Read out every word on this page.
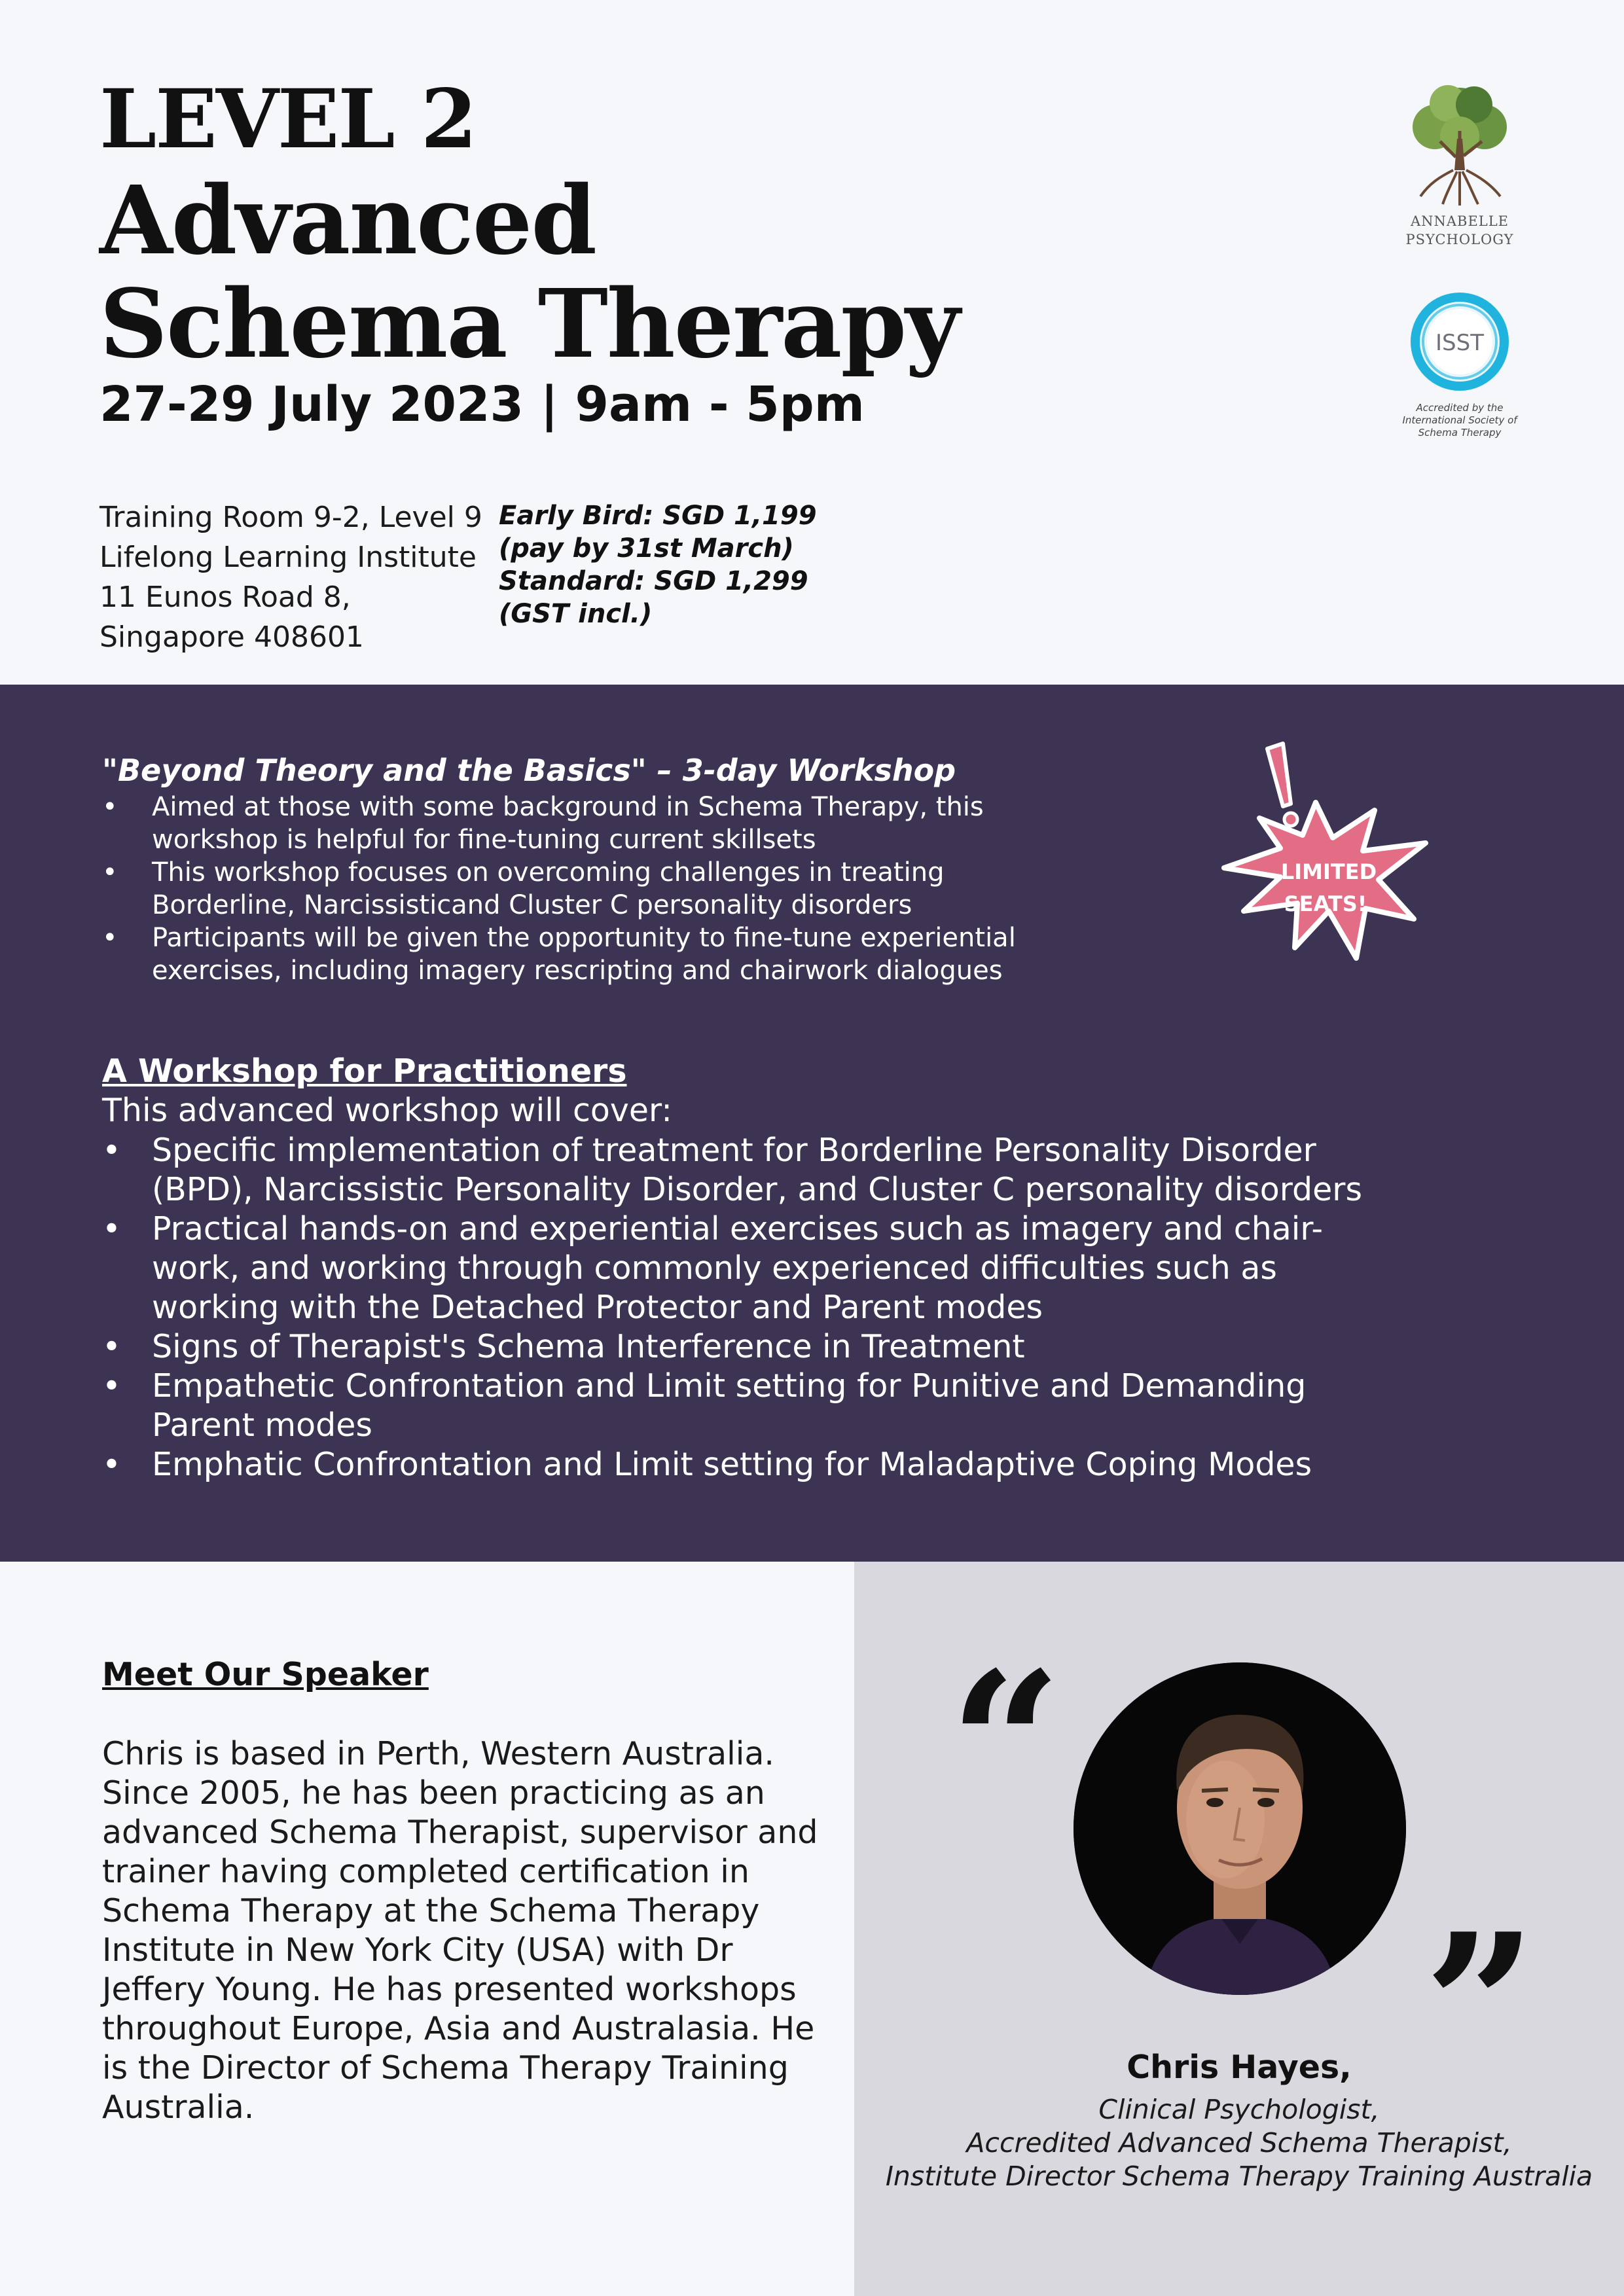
LEVEL 2
Advanced
Schema Therapy
27-29 July 2023 | 9am - 5pm
Training Room 9-2, Level 9
Lifelong Learning Institute
11 Eunos Road 8,
Singapore 408601
Early Bird: SGD 1,199
(pay by 31st March)
Standard: SGD 1,299
(GST incl.)
ANNABELLE
PSYCHOLOGY
ISST
Accredited by the
International Society of
Schema Therapy
"Beyond Theory and the Basics" – 3-day Workshop
• Aimed at those with some background in Schema Therapy, this workshop is helpful for fine-tuning current skillsets
• This workshop focuses on overcoming challenges in treating Borderline, Narcissisticand Cluster C personality disorders
• Participants will be given the opportunity to fine-tune experiential exercises, including imagery rescripting and chairwork dialogues
LIMITED
SEATS!
A Workshop for Practitioners
This advanced workshop will cover:
• Specific implementation of treatment for Borderline Personality Disorder (BPD), Narcissistic Personality Disorder, and Cluster C personality disorders
• Practical hands-on and experiential exercises such as imagery and chair-work, and working through commonly experienced difficulties such as working with the Detached Protector and Parent modes
• Signs of Therapist's Schema Interference in Treatment
• Empathetic Confrontation and Limit setting for Punitive and Demanding Parent modes
• Emphatic Confrontation and Limit setting for Maladaptive Coping Modes
Meet Our Speaker
Chris is based in Perth, Western Australia.
Since 2005, he has been practicing as an
advanced Schema Therapist, supervisor and
trainer having completed certification in
Schema Therapy at the Schema Therapy
Institute in New York City (USA) with Dr
Jeffery Young. He has presented workshops
throughout Europe, Asia and Australasia. He
is the Director of Schema Therapy Training
Australia.
“
”
Chris Hayes,
Clinical Psychologist,
Accredited Advanced Schema Therapist,
Institute Director Schema Therapy Training Australia
